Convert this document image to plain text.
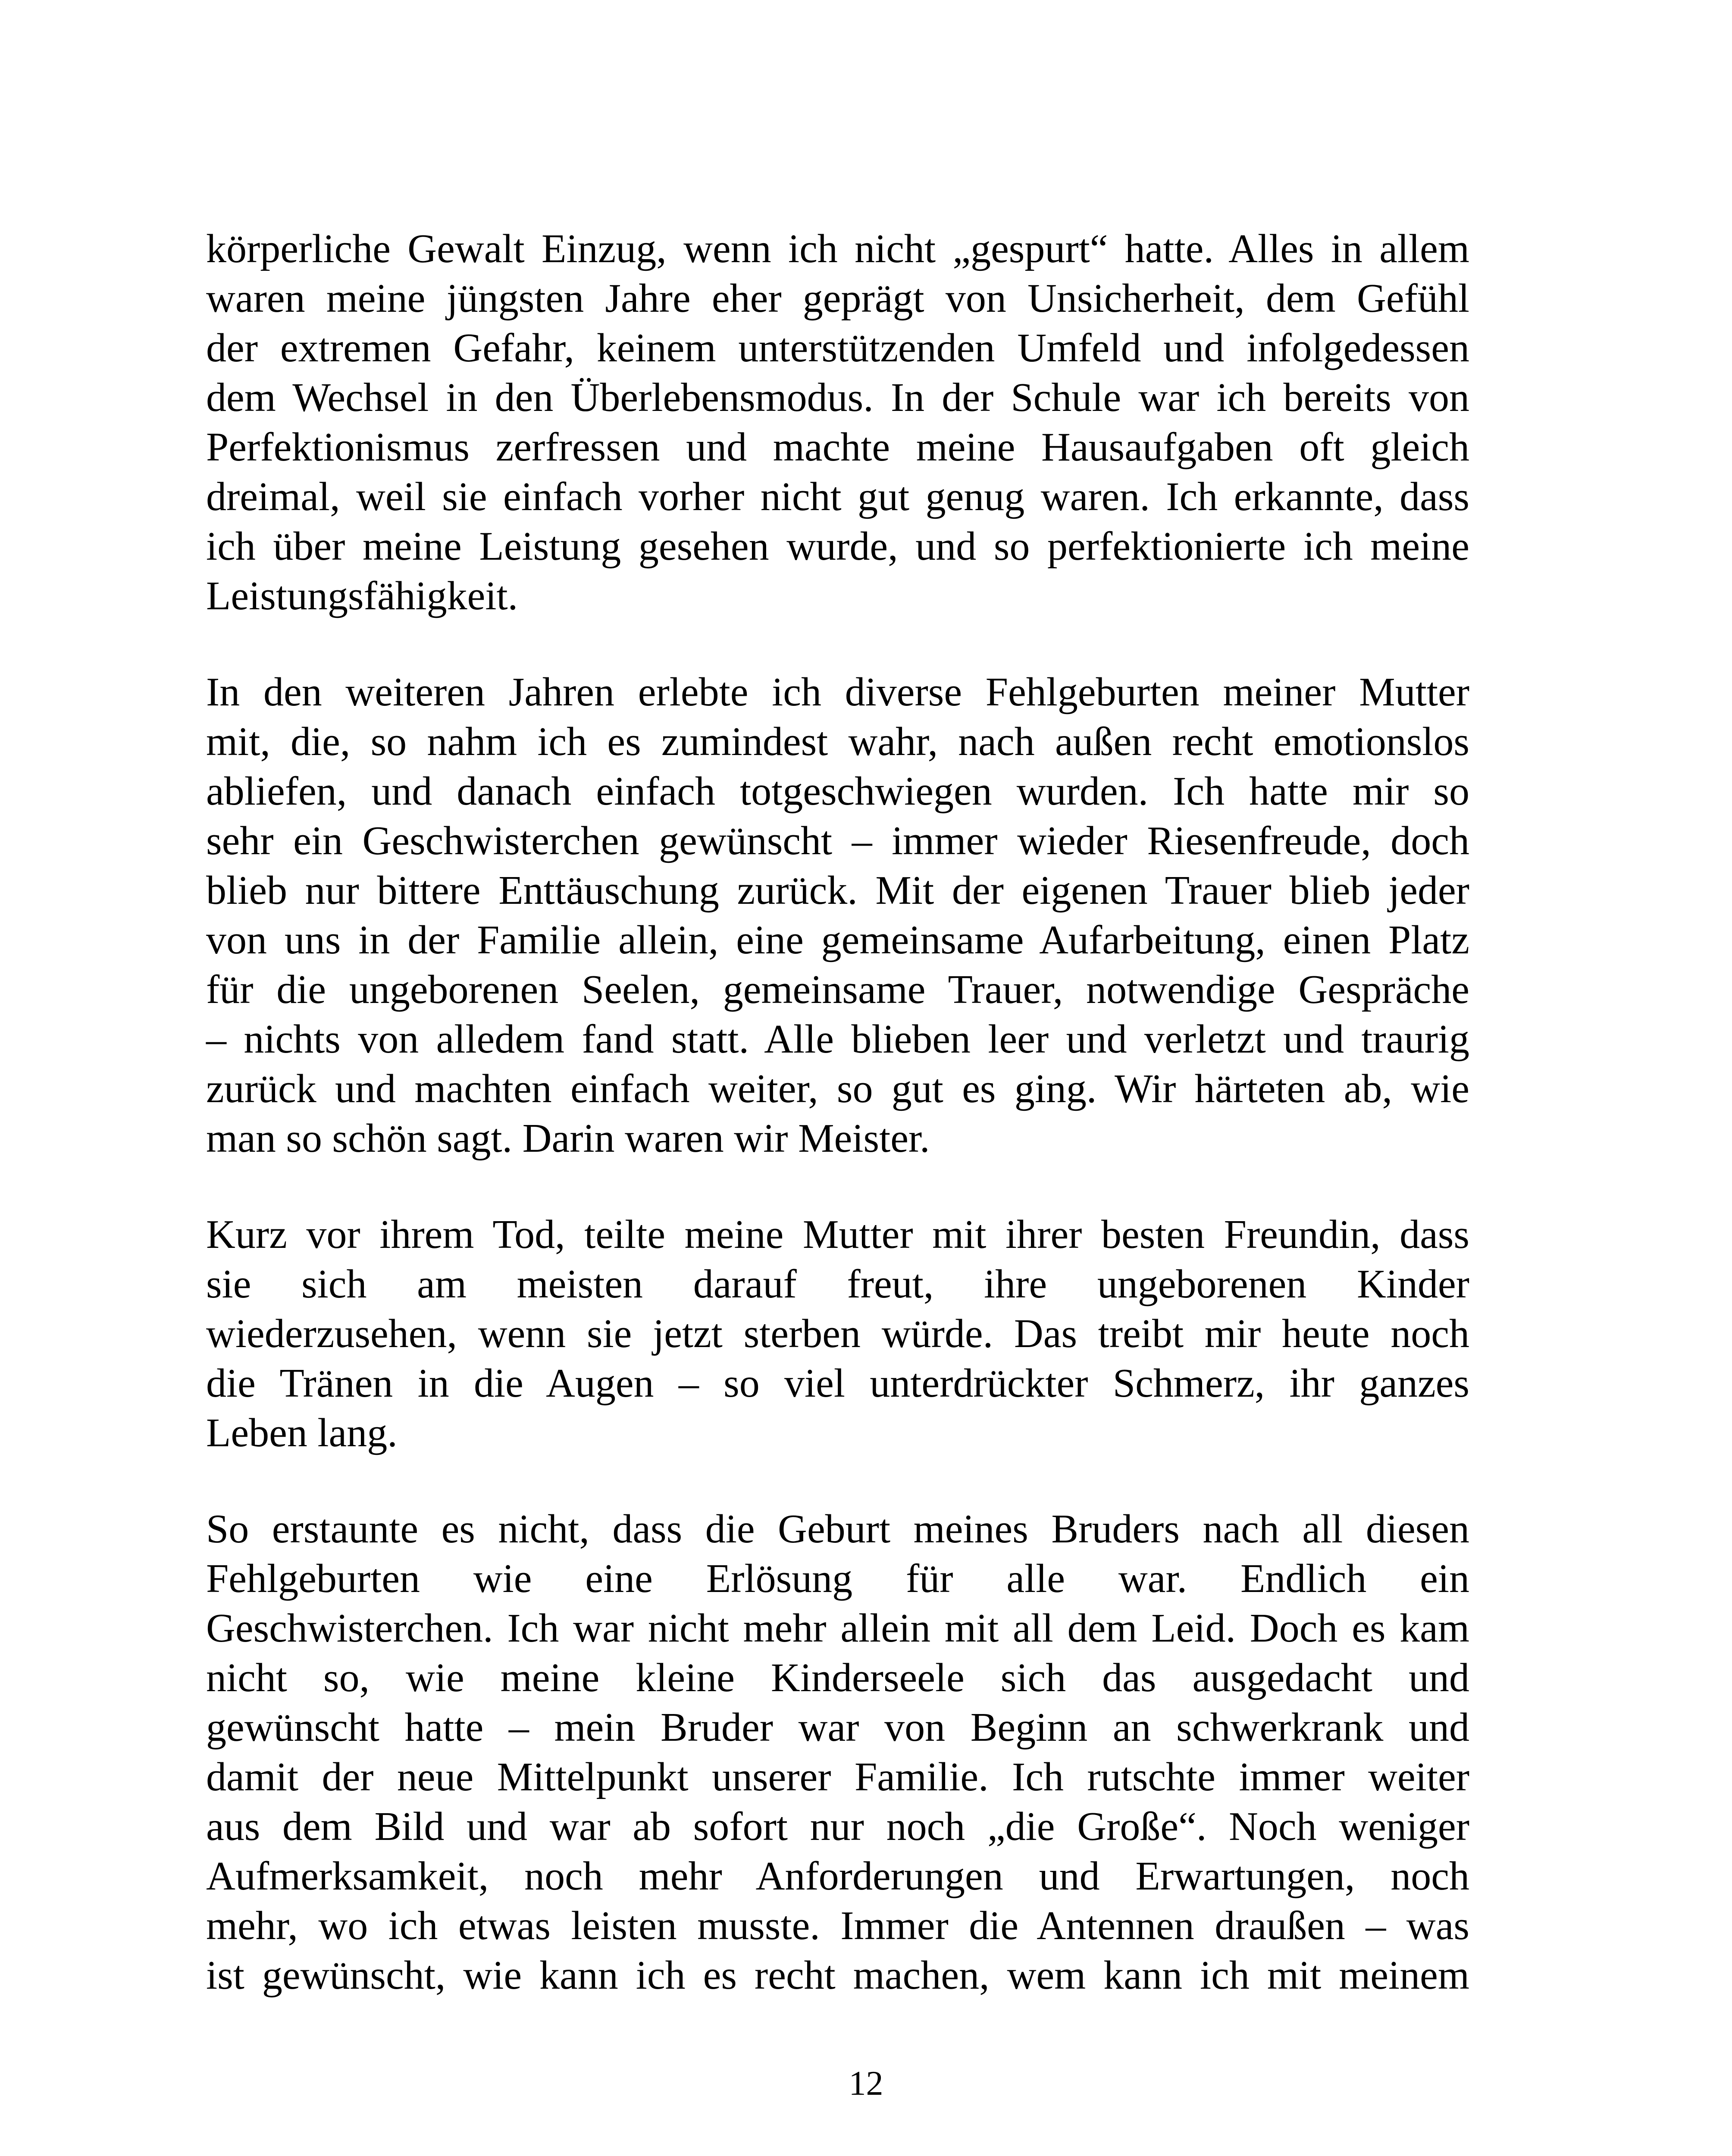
körperliche Gewalt Einzug, wenn ich nicht „gespurt“ hatte. Alles in allem
waren meine jüngsten Jahre eher geprägt von Unsicherheit, dem Gefühl
der extremen Gefahr, keinem unterstützenden Umfeld und infolgedessen
dem Wechsel in den Überlebensmodus. In der Schule war ich bereits von
Perfektionismus zerfressen und machte meine Hausaufgaben oft gleich
dreimal, weil sie einfach vorher nicht gut genug waren. Ich erkannte, dass
ich über meine Leistung gesehen wurde, und so perfektionierte ich meine
Leistungsfähigkeit.

In den weiteren Jahren erlebte ich diverse Fehlgeburten meiner Mutter
mit, die, so nahm ich es zumindest wahr, nach außen recht emotionslos
abliefen, und danach einfach totgeschwiegen wurden. Ich hatte mir so
sehr ein Geschwisterchen gewünscht – immer wieder Riesenfreude, doch
blieb nur bittere Enttäuschung zurück. Mit der eigenen Trauer blieb jeder
von uns in der Familie allein, eine gemeinsame Aufarbeitung, einen Platz
für die ungeborenen Seelen, gemeinsame Trauer, notwendige Gespräche
– nichts von alledem fand statt. Alle blieben leer und verletzt und traurig
zurück und machten einfach weiter, so gut es ging. Wir härteten ab, wie
man so schön sagt. Darin waren wir Meister.

Kurz vor ihrem Tod, teilte meine Mutter mit ihrer besten Freundin, dass
sie sich am meisten darauf freut, ihre ungeborenen Kinder
wiederzusehen, wenn sie jetzt sterben würde. Das treibt mir heute noch
die Tränen in die Augen – so viel unterdrückter Schmerz, ihr ganzes
Leben lang.

So erstaunte es nicht, dass die Geburt meines Bruders nach all diesen
Fehlgeburten wie eine Erlösung für alle war. Endlich ein
Geschwisterchen. Ich war nicht mehr allein mit all dem Leid. Doch es kam
nicht so, wie meine kleine Kinderseele sich das ausgedacht und
gewünscht hatte – mein Bruder war von Beginn an schwerkrank und
damit der neue Mittelpunkt unserer Familie. Ich rutschte immer weiter
aus dem Bild und war ab sofort nur noch „die Große“. Noch weniger
Aufmerksamkeit, noch mehr Anforderungen und Erwartungen, noch
mehr, wo ich etwas leisten musste. Immer die Antennen draußen – was
ist gewünscht, wie kann ich es recht machen, wem kann ich mit meinem

12
